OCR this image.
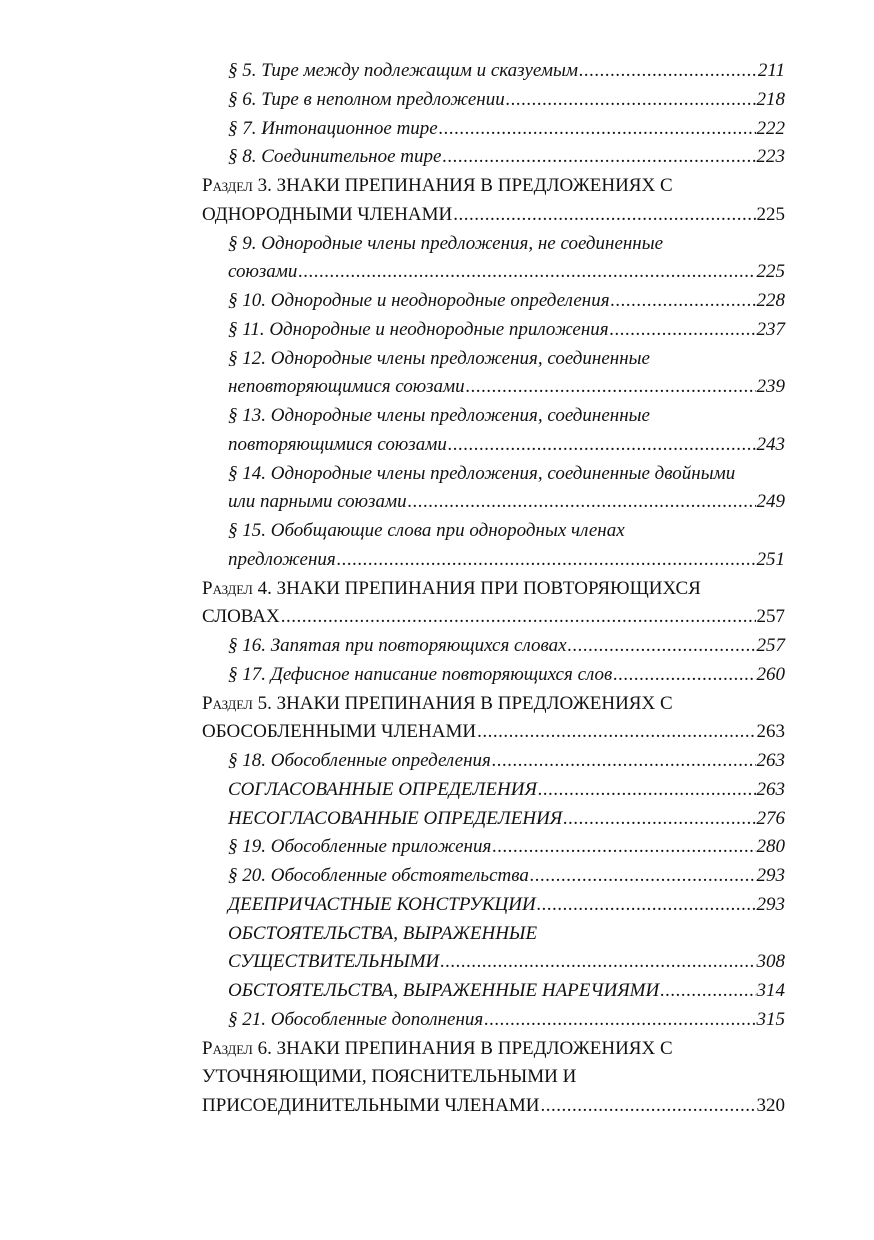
§ 5. Тире между подлежащим и сказуемым .....	211
§ 6. Тире в неполном предложении .....	218
§ 7. Интонационное тире .....	222
§ 8. Соединительное тире .....	223
Раздел 3. ЗНАКИ ПРЕПИНАНИЯ В ПРЕДЛОЖЕНИЯХ С
ОДНОРОДНЫМИ ЧЛЕНАМИ .....	225
§ 9. Однородные члены предложения, не соединенные
союзами .....	225
§ 10. Однородные и неоднородные определения .....	228
§ 11. Однородные и неоднородные приложения .....	237
§ 12. Однородные члены предложения, соединенные
неповторяющимися союзами .....	239
§ 13. Однородные члены предложения, соединенные
повторяющимися союзами .....	243
§ 14. Однородные члены предложения, соединенные двойными
или парными союзами .....	249
§ 15. Обобщающие слова при однородных членах
предложения .....	251
Раздел 4. ЗНАКИ ПРЕПИНАНИЯ ПРИ ПОВТОРЯЮЩИХСЯ
СЛОВАХ .....	257
§ 16. Запятая при повторяющихся словах .....	257
§ 17. Дефисное написание повторяющихся слов .....	260
Раздел 5. ЗНАКИ ПРЕПИНАНИЯ В ПРЕДЛОЖЕНИЯХ С
ОБОСОБЛЕННЫМИ ЧЛЕНАМИ .....	263
§ 18. Обособленные определения .....	263
СОГЛАСОВАННЫЕ ОПРЕДЕЛЕНИЯ .....	263
НЕСОГЛАСОВАННЫЕ ОПРЕДЕЛЕНИЯ .....	276
§ 19. Обособленные приложения .....	280
§ 20. Обособленные обстоятельства .....	293
ДЕЕПРИЧАСТНЫЕ КОНСТРУКЦИИ .....	293
ОБСТОЯТЕЛЬСТВА, ВЫРАЖЕННЫЕ
СУЩЕСТВИТЕЛЬНЫМИ .....	308
ОБСТОЯТЕЛЬСТВА, ВЫРАЖЕННЫЕ НАРЕЧИЯМИ .....	314
§ 21. Обособленные дополнения .....	315
Раздел 6. ЗНАКИ ПРЕПИНАНИЯ В ПРЕДЛОЖЕНИЯХ С
УТОЧНЯЮЩИМИ, ПОЯСНИТЕЛЬНЫМИ И
ПРИСОЕДИНИТЕЛЬНЫМИ ЧЛЕНАМИ .....	320
